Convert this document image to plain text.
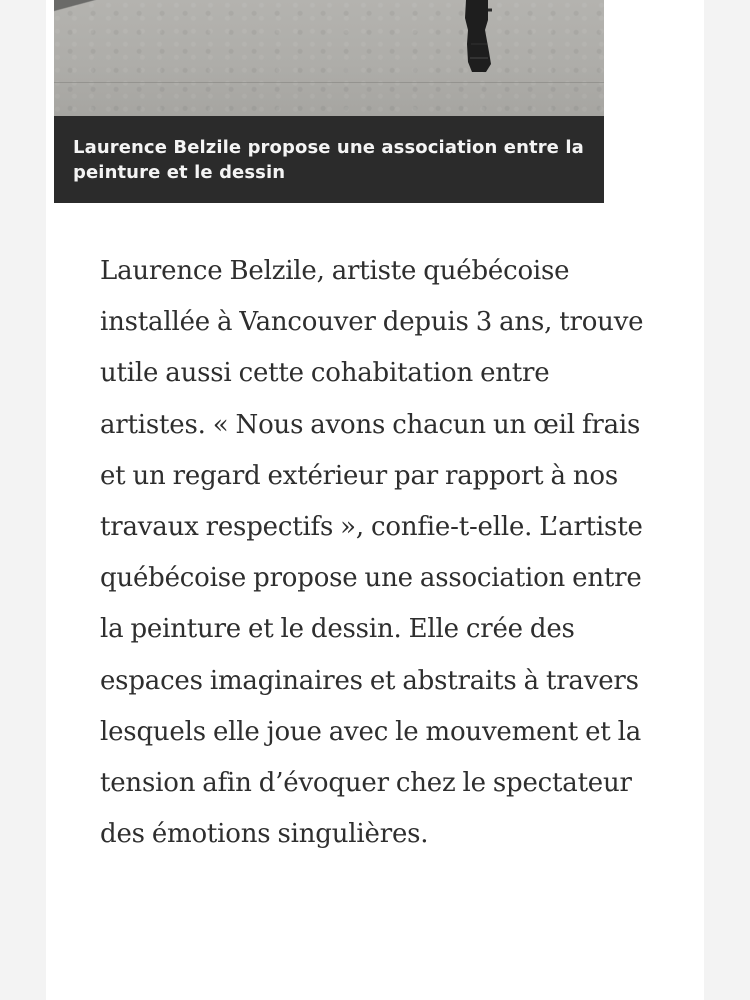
Laurence Belzile propose une association entre la peinture et le dessin

Laurence Belzile, artiste québécoise installée à Vancouver depuis 3 ans, trouve utile aussi cette cohabitation entre artistes. « Nous avons chacun un œil frais et un regard extérieur par rapport à nos travaux respectifs », confie-t-elle. L’artiste québécoise propose une association entre la peinture et le dessin. Elle crée des espaces imaginaires et abstraits à travers lesquels elle joue avec le mouvement et la tension afin d’évoquer chez le spectateur des émotions singulières.
